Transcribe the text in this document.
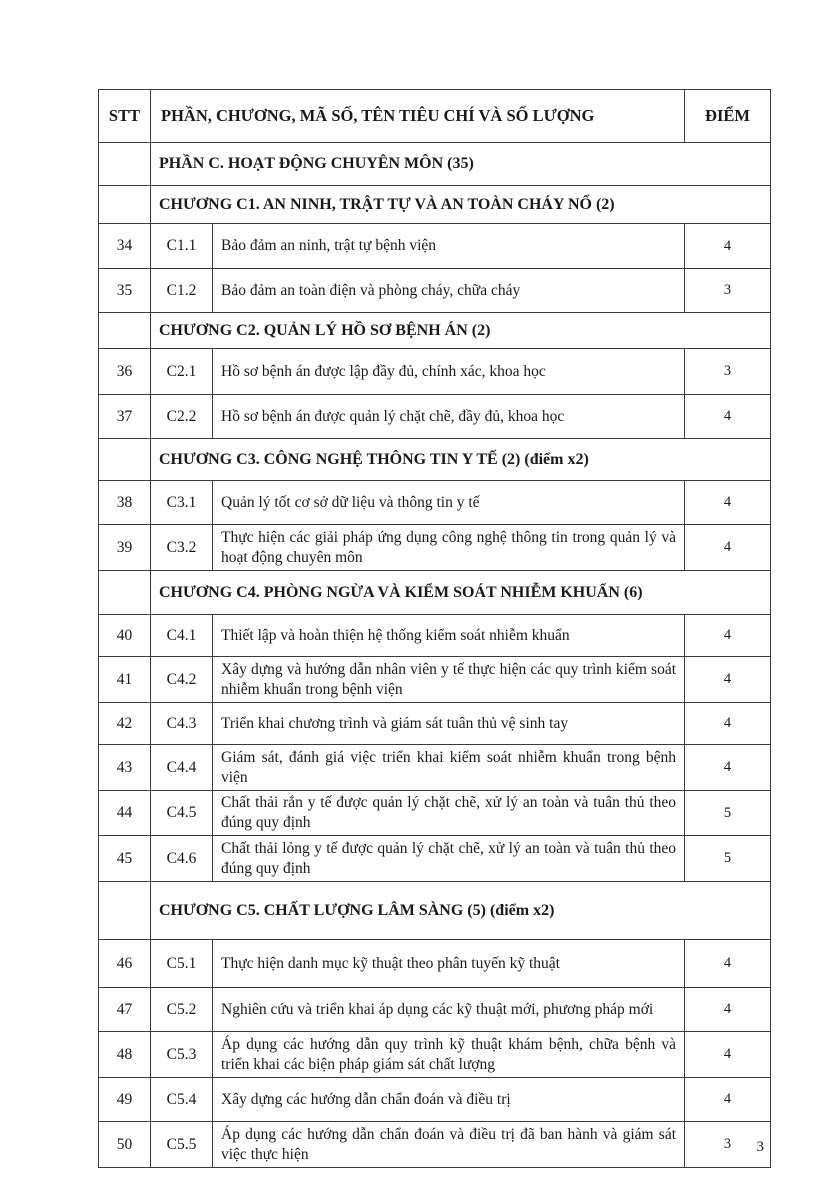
STT	PHẦN, CHƯƠNG, MÃ SỐ, TÊN TIÊU CHÍ VÀ SỐ LƯỢNG		ĐIỂM
	PHẦN C. HOẠT ĐỘNG CHUYÊN MÔN (35)		
	CHƯƠNG C1. AN NINH, TRẬT TỰ VÀ AN TOÀN CHÁY NỔ (2)		
34	C1.1	Bảo đảm an ninh, trật tự bệnh viện	4
35	C1.2	Bảo đảm an toàn điện và phòng cháy, chữa cháy	3
	CHƯƠNG C2. QUẢN LÝ HỒ SƠ BỆNH ÁN (2)		
36	C2.1	Hồ sơ bệnh án được lập đầy đủ, chính xác, khoa học	3
37	C2.2	Hồ sơ bệnh án được quản lý chặt chẽ, đầy đủ, khoa học	4
	CHƯƠNG C3. CÔNG NGHỆ THÔNG TIN Y TẾ (2) (điểm x2)		
38	C3.1	Quản lý tốt cơ sở dữ liệu và thông tin y tế	4
39	C3.2	Thực hiện các giải pháp ứng dụng công nghệ thông tin trong quản lý và hoạt động chuyên môn	4
	CHƯƠNG C4. PHÒNG NGỪA VÀ KIỂM SOÁT NHIỄM KHUẨN (6)		
40	C4.1	Thiết lập và hoàn thiện hệ thống kiểm soát nhiễm khuẩn	4
41	C4.2	Xây dựng và hướng dẫn nhân viên y tế thực hiện các quy trình kiểm soát nhiễm khuẩn trong bệnh viện	4
42	C4.3	Triển khai chương trình và giám sát tuân thủ vệ sinh tay	4
43	C4.4	Giám sát, đánh giá việc triển khai kiểm soát nhiễm khuẩn trong bệnh viện	4
44	C4.5	Chất thải rắn y tế được quản lý chặt chẽ, xử lý an toàn và tuân thủ theo đúng quy định	5
45	C4.6	Chất thải lỏng y tế được quản lý chặt chẽ, xử lý an toàn và tuân thủ theo đúng quy định	5
	CHƯƠNG C5. CHẤT LƯỢNG LÂM SÀNG (5) (điểm x2)		
46	C5.1	Thực hiện danh mục kỹ thuật theo phân tuyến kỹ thuật	4
47	C5.2	Nghiên cứu và triển khai áp dụng các kỹ thuật mới, phương pháp mới	4
48	C5.3	Áp dụng các hướng dẫn quy trình kỹ thuật khám bệnh, chữa bệnh và triển khai các biện pháp giám sát chất lượng	4
49	C5.4	Xây dựng các hướng dẫn chẩn đoán và điều trị	4
50	C5.5	Áp dụng các hướng dẫn chẩn đoán và điều trị đã ban hành và giám sát việc thực hiện	3 3
